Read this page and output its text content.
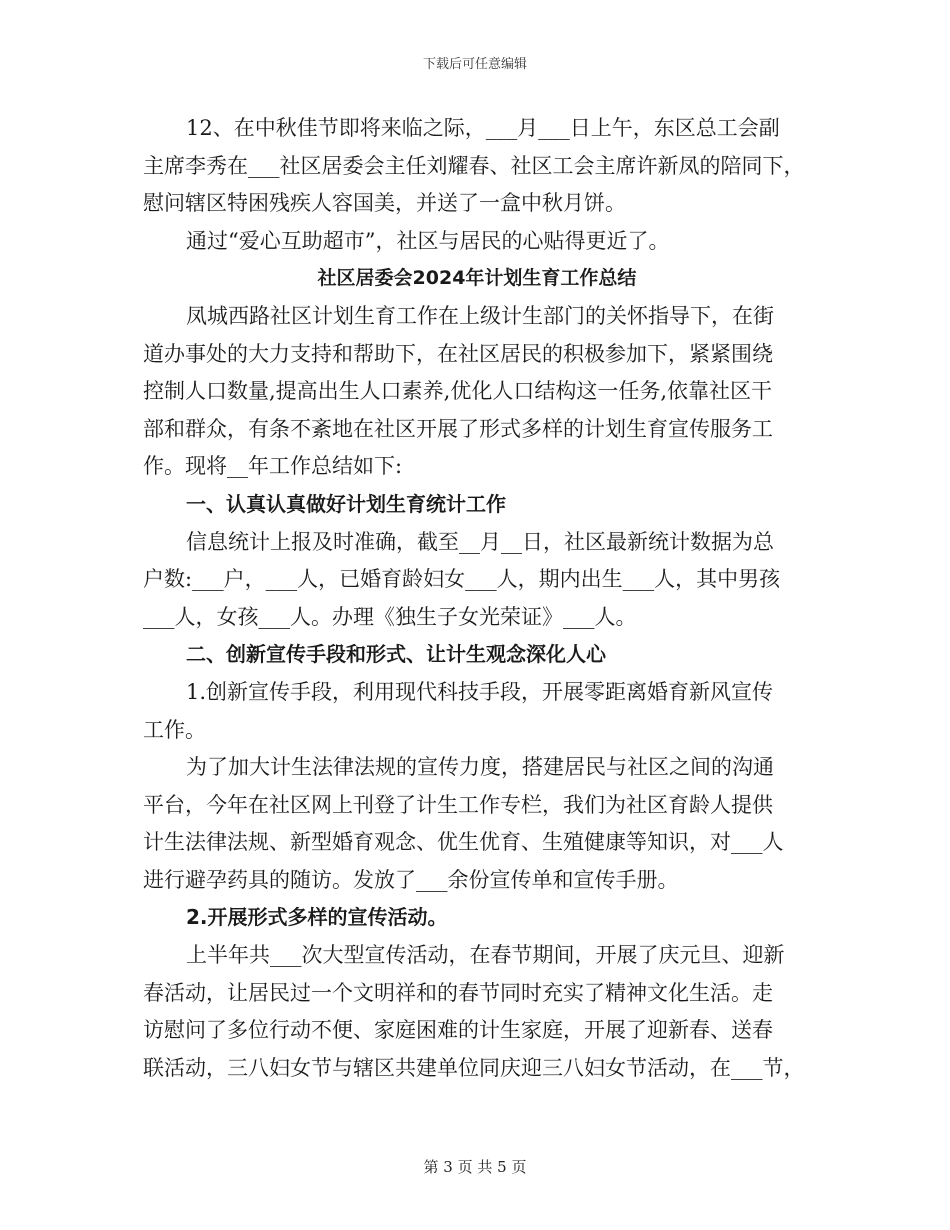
下载后可任意编辑
12、在中秋佳节即将来临之际，___月___日上午，东区总工会副
主席李秀在___社区居委会主任刘耀春、社区工会主席许新凤的陪同下，
慰问辖区特困残疾人容国美，并送了一盒中秋月饼。
通过“爱心互助超市”，社区与居民的心贴得更近了。
社区居委会2024年计划生育工作总结
凤城西路社区计划生育工作在上级计生部门的关怀指导下，在街
道办事处的大力支持和帮助下，在社区居民的积极参加下，紧紧围绕
控制人口数量,提高出生人口素养,优化人口结构这一任务,依靠社区干
部和群众，有条不紊地在社区开展了形式多样的计划生育宣传服务工
作。现将__年工作总结如下:
一、认真认真做好计划生育统计工作
信息统计上报及时准确，截至__月__日，社区最新统计数据为总
户数:___户，___人，已婚育龄妇女___人，期内出生___人，其中男孩
___人，女孩___人。办理《独生子女光荣证》___人。
二、创新宣传手段和形式、让计生观念深化人心
1.创新宣传手段，利用现代科技手段，开展零距离婚育新风宣传
工作。
为了加大计生法律法规的宣传力度，搭建居民与社区之间的沟通
平台，今年在社区网上刊登了计生工作专栏，我们为社区育龄人提供
计生法律法规、新型婚育观念、优生优育、生殖健康等知识，对___人
进行避孕药具的随访。发放了___余份宣传单和宣传手册。
2.开展形式多样的宣传活动。
上半年共___次大型宣传活动，在春节期间，开展了庆元旦、迎新
春活动，让居民过一个文明祥和的春节同时充实了精神文化生活。走
访慰问了多位行动不便、家庭困难的计生家庭，开展了迎新春、送春
联活动，三八妇女节与辖区共建单位同庆迎三八妇女节活动，在___节，
第 3 页 共 5 页
